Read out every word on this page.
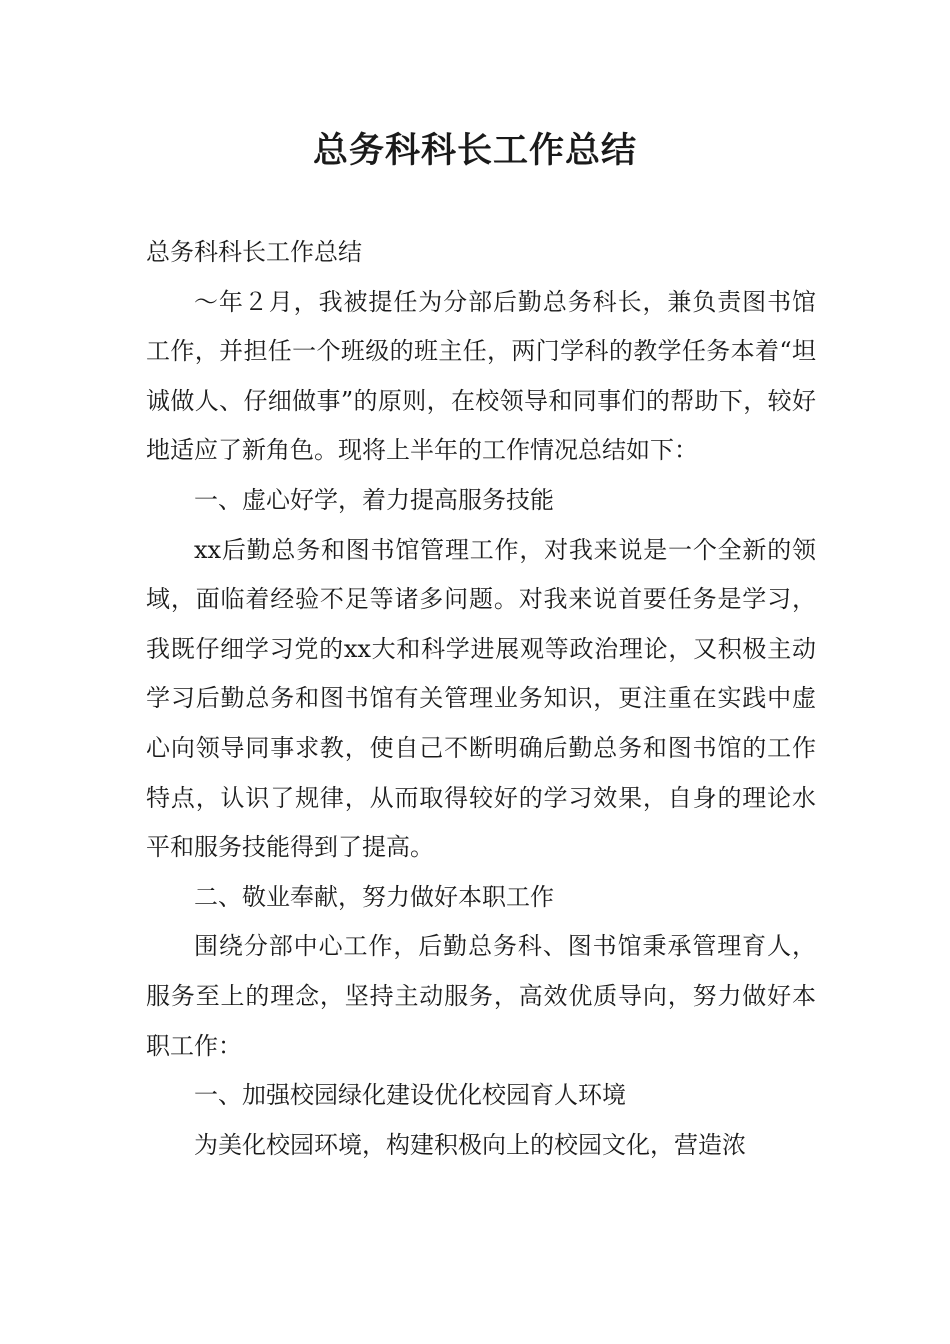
总务科科长工作总结

总务科科长工作总结

～年２月，我被提任为分部后勤总务科长，兼负责图书馆工作，并担任一个班级的班主任，两门学科的教学任务本着“坦诚做人、仔细做事”的原则，在校领导和同事们的帮助下，较好地适应了新角色。现将上半年的工作情况总结如下：

一、虚心好学，着力提高服务技能

xx后勤总务和图书馆管理工作，对我来说是一个全新的领域，面临着经验不足等诸多问题。对我来说首要任务是学习，我既仔细学习党的xx大和科学进展观等政治理论，又积极主动学习后勤总务和图书馆有关管理业务知识，更注重在实践中虚心向领导同事求教，使自己不断明确后勤总务和图书馆的工作特点，认识了规律，从而取得较好的学习效果，自身的理论水平和服务技能得到了提高。

二、敬业奉献，努力做好本职工作

围绕分部中心工作，后勤总务科、图书馆秉承管理育人，服务至上的理念，坚持主动服务，高效优质导向，努力做好本职工作：

一、加强校园绿化建设优化校园育人环境

为美化校园环境，构建积极向上的校园文化，营造浓
